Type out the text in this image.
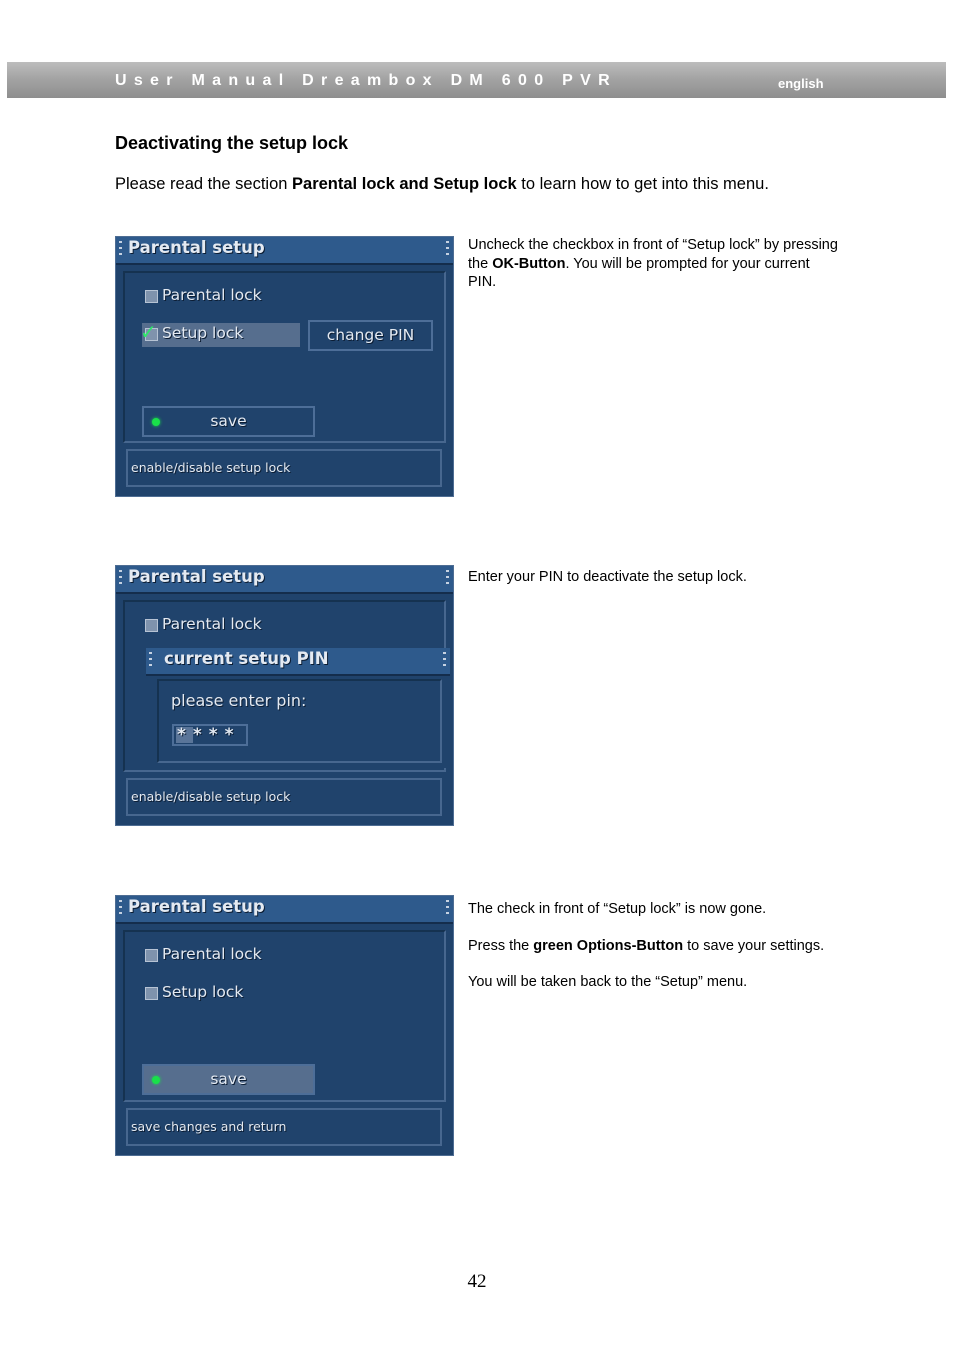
User Manual Dreambox DM 600 PVR	english
Deactivating the setup lock
Please read the section Parental lock and Setup lock to learn how to get into this menu.
Parental setup
Parental lock
✓ Setup lock	change PIN
save
enable/disable setup lock

Uncheck the checkbox in front of “Setup lock” by pressing the OK-Button. You will be prompted for your current PIN.

Parental setup
Parental lock
current setup PIN
please enter pin:
****
enable/disable setup lock

Enter your PIN to deactivate the setup lock.

Parental setup
Parental lock
Setup lock
save
save changes and return

The check in front of “Setup lock” is now gone.

Press the green Options-Button to save your settings.

You will be taken back to the “Setup” menu.

42
